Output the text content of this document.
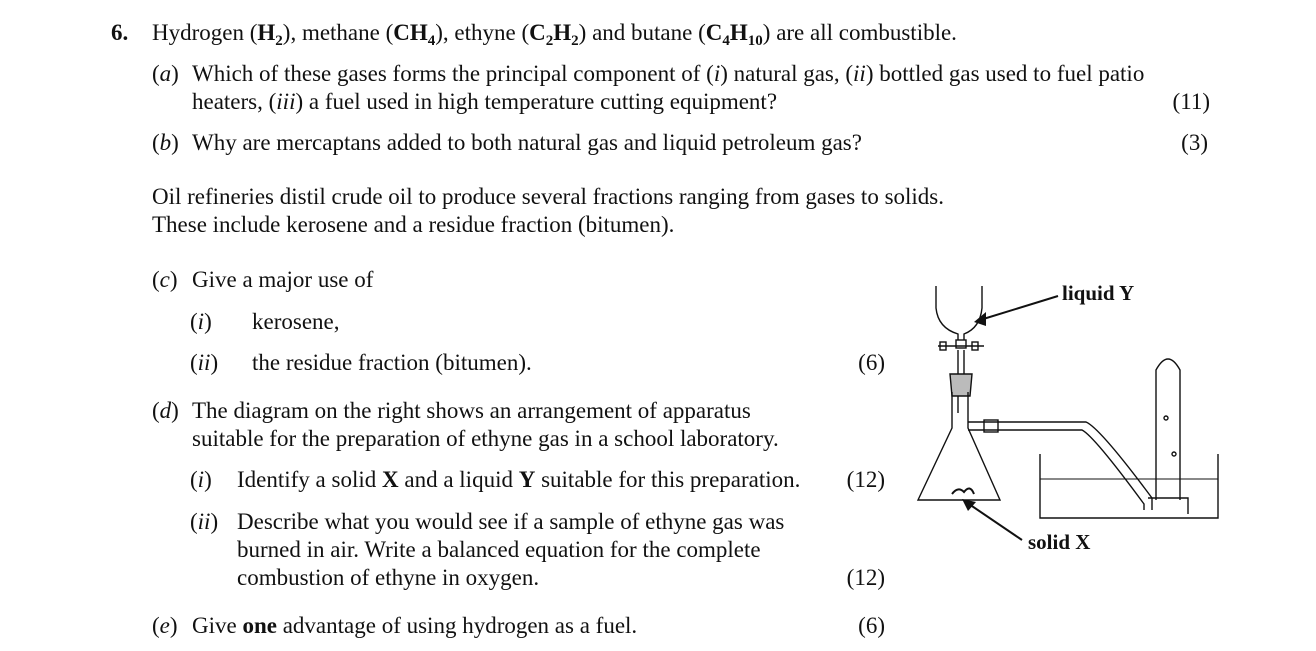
6. Hydrogen $(H_2)$, methane $(CH_4)$, ethyne $(C_2H_2)$ and butane $(C_4H_{10})$ are all combustible.
(a) Which of these gases forms the principal component of (i) natural gas, (ii) bottled gas used to fuel patio
heaters, (iii) a fuel used in high temperature cutting equipment?	(11)
(b) Why are mercaptans added to both natural gas and liquid petroleum gas?	(3)
Oil refineries distil crude oil to produce several fractions ranging from gases to solids.
These include kerosene and a residue fraction (bitumen).
(c) Give a major use of
(i) kerosene,
(ii) the residue fraction (bitumen).	(6)
(d) The diagram on the right shows an arrangement of apparatus
suitable for the preparation of ethyne gas in a school laboratory.
(i) Identify a solid X and a liquid Y suitable for this preparation. (12)
(ii) Describe what you would see if a sample of ethyne gas was
burned in air. Write a balanced equation for the complete
combustion of ethyne in oxygen.	(12)
(e) Give one advantage of using hydrogen as a fuel.	(6)
liquid Y
solid X
